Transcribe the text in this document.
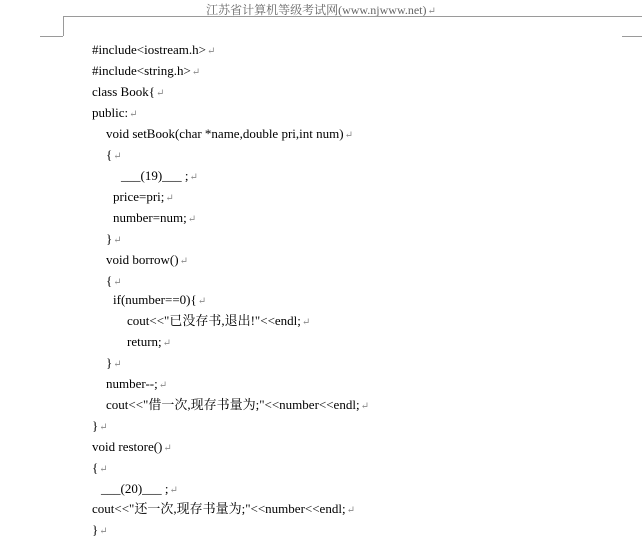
江苏省计算机等级考试网(www.njwww.net)↵
#include<iostream.h>↵
#include<string.h>↵
class Book{↵
public:↵
void setBook(char *name,double pri,int num)↵
{↵
___(19)___ ;↵
price=pri;↵
number=num;↵
}↵
void borrow()↵
{↵
if(number==0){↵
cout<<"已没存书,退出!"<<endl;↵
return;↵
}↵
number--;↵
cout<<"借一次,现存书量为;"<<number<<endl;↵
}↵
void restore()↵
{↵
___(20)___ ;↵
cout<<"还一次,现存书量为;"<<number<<endl;↵
}↵
